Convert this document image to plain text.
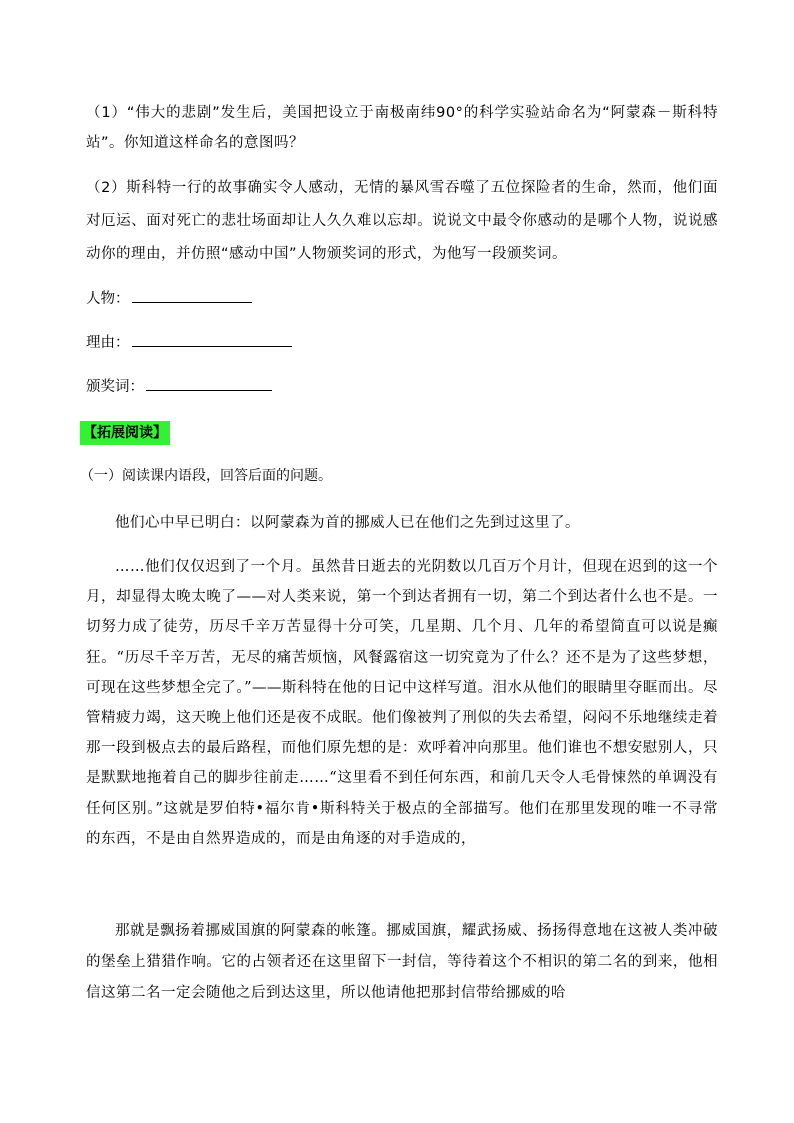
（1）“伟大的悲剧”发生后，美国把设立于南极南纬90°的科学实验站命名为“阿蒙森－斯科特站”。你知道这样命名的意图吗？
（2）斯科特一行的故事确实令人感动，无情的暴风雪吞噬了五位探险者的生命，然而，他们面对厄运、面对死亡的悲壮场面却让人久久难以忘却。说说文中最令你感动的是哪个人物，说说感动你的理由，并仿照“感动中国”人物颁奖词的形式，为他写一段颁奖词。
人物：
理由：
颁奖词：
【拓展阅读】
（一）阅读课内语段，回答后面的问题。
他们心中早已明白：以阿蒙森为首的挪威人已在他们之先到过这里了。
……他们仅仅迟到了一个月。虽然昔日逝去的光阴数以几百万个月计，但现在迟到的这一个月，却显得太晚太晚了——对人类来说，第一个到达者拥有一切，第二个到达者什么也不是。一切努力成了徒劳，历尽千辛万苦显得十分可笑，几星期、几个月、几年的希望简直可以说是癫狂。“历尽千辛万苦，无尽的痛苦烦恼，风餐露宿这一切究竟为了什么？还不是为了这些梦想，可现在这些梦想全完了。”——斯科特在他的日记中这样写道。泪水从他们的眼睛里夺眶而出。尽管精疲力竭，这天晚上他们还是夜不成眠。他们像被判了刑似的失去希望，闷闷不乐地继续走着那一段到极点去的最后路程，而他们原先想的是：欢呼着冲向那里。他们谁也不想安慰别人，只是默默地拖着自己的脚步往前走……“这里看不到任何东西，和前几天令人毛骨悚然的单调没有任何区别。”这就是罗伯特•福尔肯•斯科特关于极点的全部描写。他们在那里发现的唯一不寻常的东西，不是由自然界造成的，而是由角逐的对手造成的，
那就是飘扬着挪威国旗的阿蒙森的帐篷。挪威国旗，耀武扬威、扬扬得意地在这被人类冲破的堡垒上猎猎作响。它的占领者还在这里留下一封信，等待着这个不相识的第二名的到来，他相信这第二名一定会随他之后到达这里，所以他请他把那封信带给挪威的哈
